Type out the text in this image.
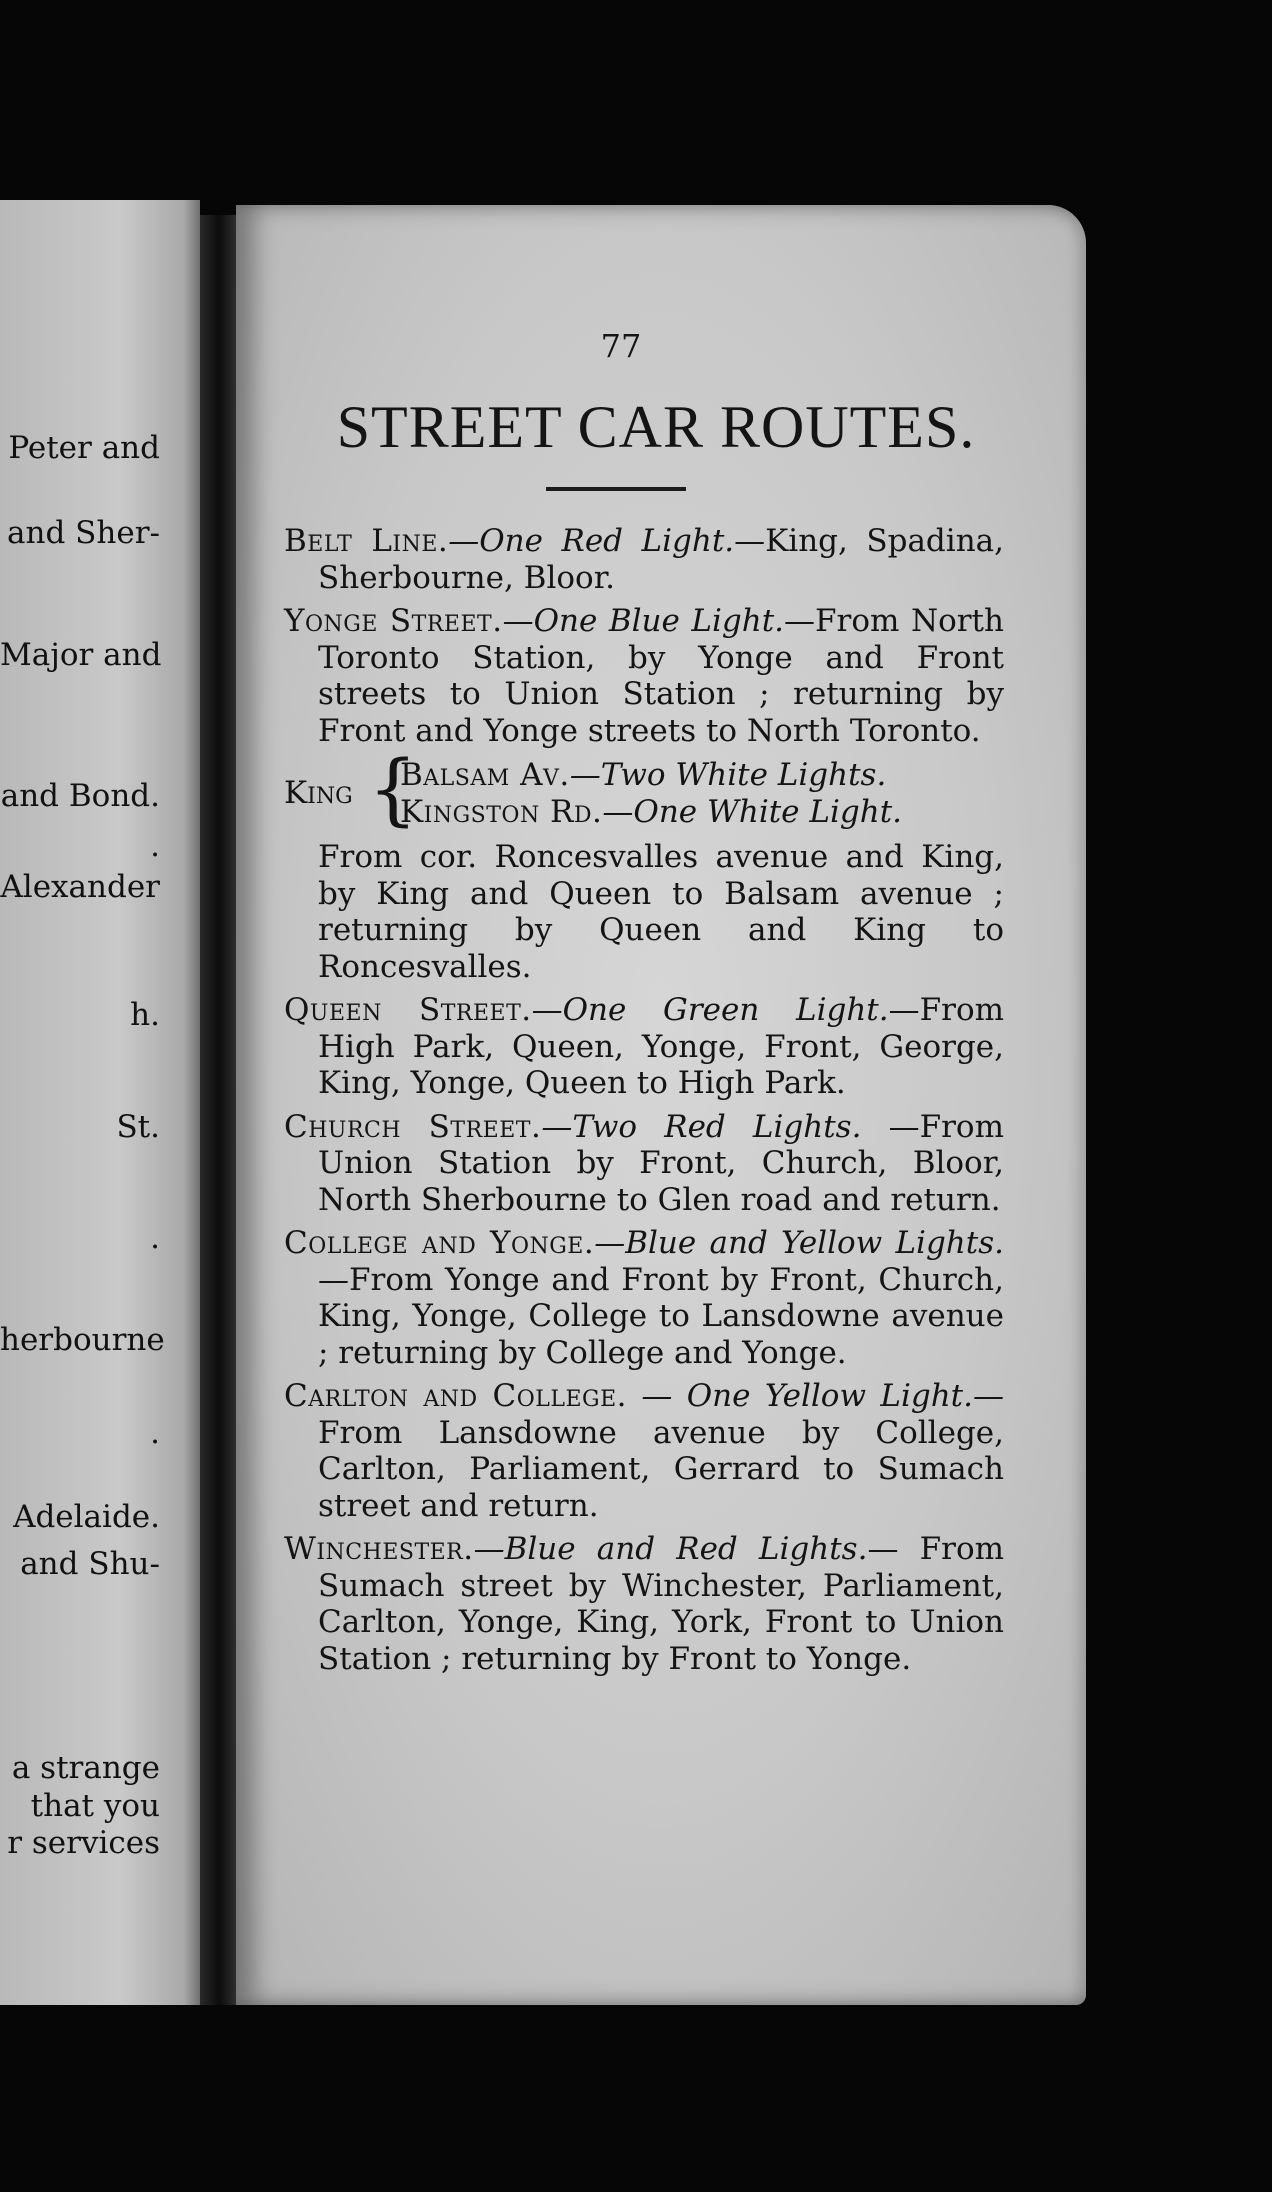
Peter and
and Sher-
Major and
and Bond.
.
Alexander
h.
St.
.
herbourne
.
Adelaide.
and Shu-
a strange
that you
r services
77
STREET CAR ROUTES.
Belt Line.—One Red Light.—King, Spadina, Sherbourne, Bloor.
Yonge Street.—One Blue Light.—From North Toronto Station, by Yonge and Front streets to Union Station ; returning by Front and Yonge streets to North Toronto.
King {
Balsam Av.—Two White Lights.
Kingston Rd.—One White Light.
From cor. Roncesvalles avenue and King, by King and Queen to Balsam avenue ; returning by Queen and King to Roncesvalles.
Queen Street.—One Green Light.—From High Park, Queen, Yonge, Front, George, King, Yonge, Queen to High Park.
Church Street.—Two Red Lights. —From Union Station by Front, Church, Bloor, North Sherbourne to Glen road and return.
College and Yonge.—Blue and Yellow Lights.—From Yonge and Front by Front, Church, King, Yonge, College to Lansdowne avenue ; returning by College and Yonge.
Carlton and College. — One Yellow Light.—From Lansdowne avenue by College, Carlton, Parliament, Gerrard to Sumach street and return.
Winchester.—Blue and Red Lights.— From Sumach street by Winchester, Parliament, Carlton, Yonge, King, York, Front to Union Station ; returning by Front to Yonge.
